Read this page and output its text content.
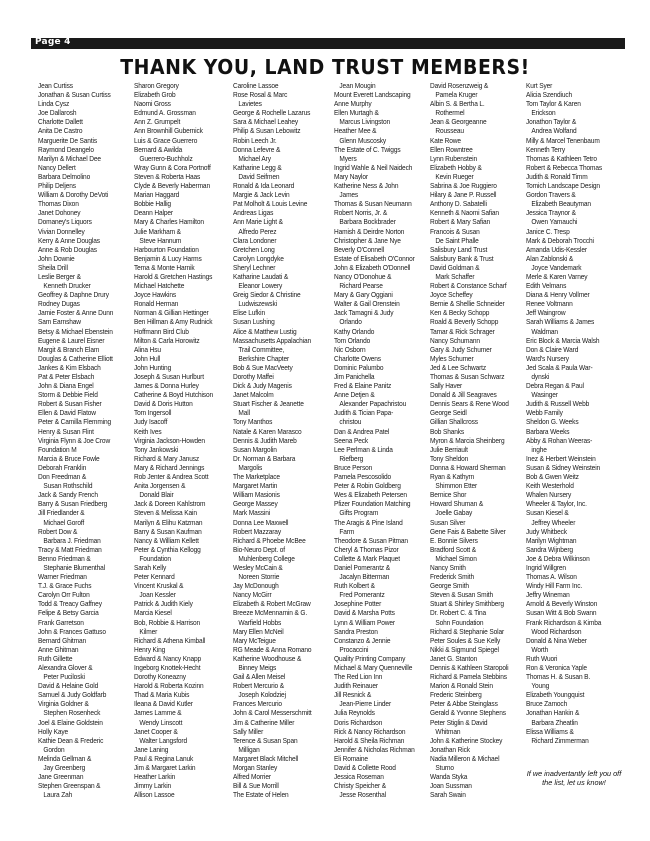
Page 4
THANK YOU, LAND TRUST MEMBERS!
Jean Curtiss
Jonathan & Susan Curtiss
Linda Cysz
Joe Dallarosh
Charlotte Dallett
Anita De Castro
Marguerite De Santis
Raymond Deangelo
Marilyn & Michael Dee
Nancy Dellert
Barbara Delmolino
Philip Deljens
William & Dorothy DeVoti
Thomas Dixon
Janet Dohoney
Domaney's Liquors
Vivian Donnelley
Kerry & Anne Douglas
Anne & Rob Douglas
John Downie
Sheila Drill
Leslie Berger &
Kenneth Drucker
Geoffrey & Daphne Drury
Rodney Dugas
Jamie Foster & Anne Dunn
Sam Earnshaw
Betsy & Michael Ebenstein
Eugene & Laurel Eisner
Margit & Branch Elam
Douglas & Catherine Elliott
Jankes & Kim Elsbach
Pat & Peter Elsbach
John & Diana Engel
Storm & Debbie Field
Robert & Susan Fisher
Ellen & David Flatow
Peter & Camilla Flemming
Henry & Susan Flint
Virginia Flynn & Joe Crow
Foundation M
Marcia & Bruce Fowle
Deborah Franklin
Don Freedman &
Susan Rothschild
Jack & Sandy French
Barry & Susan Friedberg
Jill Friedlander &
Michael Goroff
Robert Dow &
Barbara J. Friedman
Tracy & Matt Friedman
Benno Friedman &
Stephanie Blumenthal
Warner Friedman
T.J. & Grace Fuchs
Carolyn Orr Fulton
Todd & Treacy Gaffney
Felipe & Betsy Garcia
Frank Garretson
John & Frances Gattuso
Bernard Ghitman
Anne Ghitman
Ruth Gillette
Alexandra Glover &
Peter Puciloski
David & Helaine Gold
Samuel & Judy Goldfarb
Virginia Goldner &
Stephen Rosenheck
Joel & Elaine Goldstein
Holly Kaye
Kathie Dean & Frederic
Gordon
Melinda Gellman &
Jay Greenberg
Jane Greenman
Stephen Greenspan &
Laura Zah
Sharon Gregory
Elizabeth Grob
Naomi Gross
Edmund A. Grossman
Ann Z. Grumpelt
Ann Brownhill Gubernick
Luis & Grace Guerrero
Bernard & Awilda
Guerrero-Buchholz
Wray Gunn & Cora Portnoff
Steven & Roberta Haas
Clyde & Beverly Haberman
Marian Haggard
Bobbie Hallig
Deann Halper
Mary & Charles Hamilton
Julie Markham &
Steve Hannum
Harbourton Foundation
Benjamin & Lucy Harms
Tema & Monte Harnik
Harold & Gretchen Hastings
Michael Hatchette
Joyce Hawkins
Ronald Herman
Norman & Gillian Hettinger
Ben Hillman & Amy Rudnick
Hoffmann Bird Club
Milton & Carla Horowitz
Alina Hsu
John Hull
John Hunting
Joseph & Susan Hurlburt
James & Donna Hurley
Catherine & Boyd Hutchison
David & Doris Hutton
Tom Ingersoll
Judy Isacoff
Keith Ives
Virginia Jackson-Howden
Tony Jankowski
Richard & Mary Janusz
Mary & Richard Jennings
Rob Jenter & Andrea Scott
Anita Jorgensen &
Donald Blair
Jack & Doreen Kahlstrom
Steven & Melissa Kain
Marilyn & Elihu Katzman
Barry & Susan Kaufman
Nancy & William Kellett
Peter & Cynthia Kellogg
Foundation
Sarah Kelly
Peter Kennard
Vincent Kruskal &
Joan Kessler
Patrick & Judith Kiely
Marcia Kiesel
Bob, Robbie & Harrison
Kilmer
Richard & Athena Kimball
Henry King
Edward & Nancy Knapp
Ingeborg Knottek-Hecht
Dorothy Koneazny
Harold & Roberta Kozinn
Thad & Maria Kubis
Ileana & David Kutler
James Lamme &
Wendy Linscott
Janet Cooper &
Walter Langsford
Jane Laning
Paul & Regina Lanuk
Jim & Margaret Larkin
Heather Larkin
Jimmy Larkin
Allison Lassoe
Caroline Lassoe
Rose Rosal & Marc
Lavietes
George & Rochelle Lazarus
Sara & Michael Leahey
Philip & Susan Lebowitz
Robin Leech Jr.
Donna Lefevre &
Michael Ary
Katharine Legg &
David Seifmen
Ronald & Ida Leonard
Margie & Jack Levin
Pat Molholt & Louis Levine
Andreas Ligas
Ann Marie Light &
Alfredo Perez
Clara Londoner
Gretchen Long
Carolyn Longdyke
Sheryl Lechner
Katharine Laudati &
Eleanor Lowery
Greig Siedor & Christine
Ludwiszewski
Elise Lufkin
Susan Lushing
Alice & Matthew Lustig
Massachusetts Appalachian
Trail Committee,
Berkshire Chapter
Bob & Sue MacVeety
Dorothy Maffei
Dick & Judy Magenis
Janet Malcolm
Stuart Fischer & Jeanette
Mall
Tony Manthos
Natale & Karen Marasco
Dennis & Judith Mareb
Susan Margolin
Dr. Norman & Barbara
Margolis
The Marketplace
Margaret Martin
William Masionis
George Massey
Mark Massini
Donna Lee Maxwell
Robert Mazzaray
Richard & Phoebe McBee
Bio-Neuro Dept. of
Muhlenberg College
Wesley McCain &
Noreen Storrie
Jay McDonough
Nancy McGirr
Elizabeth & Robert McGraw
Breeze McMennamin & G.
Warfield Hobbs
Mary Ellen McNeil
Mary McTeigue
RG Meade & Anna Romano
Katherine Woodhouse &
Binney Meigs
Gail & Allen Meisel
Robert Mercurio &
Joseph Kolodziej
Frances Mercurio
John & Carol Messerschmitt
Jim & Catherine Miller
Sally Miller
Terence & Susan Span
Milligan
Margaret Black Mitchell
Morgan Stanley
Alfred Morrier
Bill & Sue Morrill
The Estate of Helen
Jean Mougin
Mount Everett Landscaping
Anne Murphy
Ellen Murtagh &
Marcus Livingston
Heather Mee &
Glenn Muscosky
The Estate of C. Twiggs
Myers
Ingrid Wahle & Neil Naidech
Mary Naylor
Katherine Ness & John
James
Thomas & Susan Neumann
Robert Norris, Jr. &
Barbara Bockbrader
Hamish & Deirdre Norton
Christopher & Jane Nye
Beverly O'Connell
Estate of Elisabeth O'Connor
John & Elizabeth O'Donnell
Nancy O'Donohue &
Richard Pearse
Mary & Gary Oggiani
Walter & Gail Orenstein
Jack Tamagni & Judy
Orlando
Kathy Orlando
Tom Orlando
Nic Osborn
Charlotte Owens
Dominic Palumbo
Jim Panichella
Fred & Elaine Panitz
Anne Detjen &
Alexander Papachristou
Judith & Tician Papa-
christou
Dan & Andrea Patel
Seena Peck
Lee Perlman & Linda
Riefberg
Bruce Person
Pamela Pescosolido
Peter & Robin Goldberg
Wes & Elizabeth Petersen
Pfizer Foundation Matching
Gifts Program
The Aragis & Pine Island
Farm
Theodore & Susan Pitman
Cheryl & Thomas Pizor
Collette & Mark Plaquet
Daniel Pomerantz &
Jacalyn Bitterman
Ruth Kolbert &
Fred Pomerantz
Josephine Potter
David & Marsha Potts
Lynn & William Power
Sandra Preston
Constanzo & Jennie
Procaccini
Quality Printing Company
Michael & Mary Quenneville
The Red Lion Inn
Judith Reinauer
Jill Resnick &
Jean-Pierre Linder
Julia Reynolds
Doris Richardson
Rick & Nancy Richardson
Harold & Sheila Richman
Jennifer & Nicholas Richman
Eli Romaine
David & Collette Rood
Jessica Roseman
Christy Speicher &
Jesse Rosenthal
David Rosenzweig &
Pamela Kruger
Albin S. & Bertha L.
Rothermel
Jean & Georgeanne
Rousseau
Kate Rowe
Ellen Rowntree
Lynn Rubenstein
Elizabeth Hobby &
Kevin Rueger
Sabrina & Joe Ruggiero
Hilary & Jane P. Russell
Anthony D. Sabatelli
Kenneth & Naomi Safian
Robert & Mary Safian
Francois & Susan
De Saint Phalle
Salisbury Land Trust
Salisbury Bank & Trust
David Goldman &
Mark Schaffer
Robert & Constance Scharf
Joyce Scheffey
Bernie & Shellie Schneider
Ken & Becky Schopp
Roald & Beverly Schopp
Tamar & Rick Schrager
Nancy Schumann
Gary & Judy Schumer
Myles Schumer
Jed & Lee Schwartz
Thomas & Susan Schwarz
Sally Haver
Donald & Jill Seagraves
Dennis Sears & Rene Wood
George Seidl
Gillian Shallcross
Bob Shanks
Myron & Marcia Sheinberg
Julie Berriault
Tony Sheldon
Donna & Howard Sherman
Ryan & Kathyrn
Shimmon Etter
Bernice Shor
Howard Shuman &
Joelle Gabay
Susan Silver
Gene Fais & Babette Silver
E. Bonnie Silvers
Bradford Scott &
Michael Simon
Nancy Smith
Frederick Smith
George Smith
Steven & Susan Smith
Stuart & Shirley Smithberg
Dr. Robert C. & Tina
Sohn Foundation
Richard & Stephanie Solar
Peter Soules & Sue Kelly
Nikki & Sigmund Spiegel
Janet G. Stanton
Dennis & Kathleen Staropoli
Richard & Pamela Stebbins
Marion & Ronald Stein
Frederic Steinberg
Peter & Abbe Steinglass
Gerald & Yvonne Stephens
Peter Stiglin & David
Whitman
John & Katherine Stockey
Jonathan Rick
Nadia Milleron & Michael
Sturno
Wanda Styka
Joan Sussman
Sarah Swain
Kurt Syer
Alicia Szendiuch
Tom Taylor & Karen
Erickson
Jonathon Taylor &
Andrea Wolfand
Milly & Marcel Tenenbaum
Kenneth Terry
Thomas & Kathleen Tetro
Robert & Rebecca Thomas
Judith & Ronald Timm
Tomich Landscape Design
Gordon Travers &
Elizabeth Beautyman
Jessica Traynor &
Owen Yamauchi
Janice C. Tresp
Mark & Deborah Trocchi
Amanda Udis-Kessler
Alan Zablonski &
Joyce Vandemark
Merle & Karen Varney
Edith Velmans
Diana & Henry Vollmer
Renee Voltmann
Jeff Waingrow
Sarah Williams & James
Waldman
Eric Block & Marcia Walsh
Don & Claire Ward
Ward's Nursery
Jed Scala & Paula War-
dynski
Debra Regan & Paul
Wasinger
Judith & Russell Webb
Webb Family
Sheldon G. Weeks
Barbara Weeks
Abby & Rohan Weeras-
inghe
Inez & Herbert Weinstein
Susan & Sidney Weinstein
Bob & Gwen Weitz
Keith Westerhold
Whalen Nursery
Wheeler & Taylor, Inc.
Susan Kiesel &
Jeffrey Wheeler
Judy Whitbeck
Marilyn Wightman
Sandra Wijnberg
Joe & Debra Wilkinson
Ingrid Willgren
Thomas A. Wilson
Windy Hill Farm Inc.
Jeffry Wineman
Arnold & Beverly Winston
Susan Witt & Bob Swann
Frank Richardson & Kimba
Wood Richardson
Donald & Nina Weber
Worth
Ruth Wuori
Ron & Veronica Yaple
Thomas H. & Susan B.
Young
Elizabeth Youngquist
Bruce Zamoch
Jonathan Hankin &
Barbara Zheatlin
Elissa Williams &
Richard Zimmerman
If we inadvertantly left you off
the list, let us know!
